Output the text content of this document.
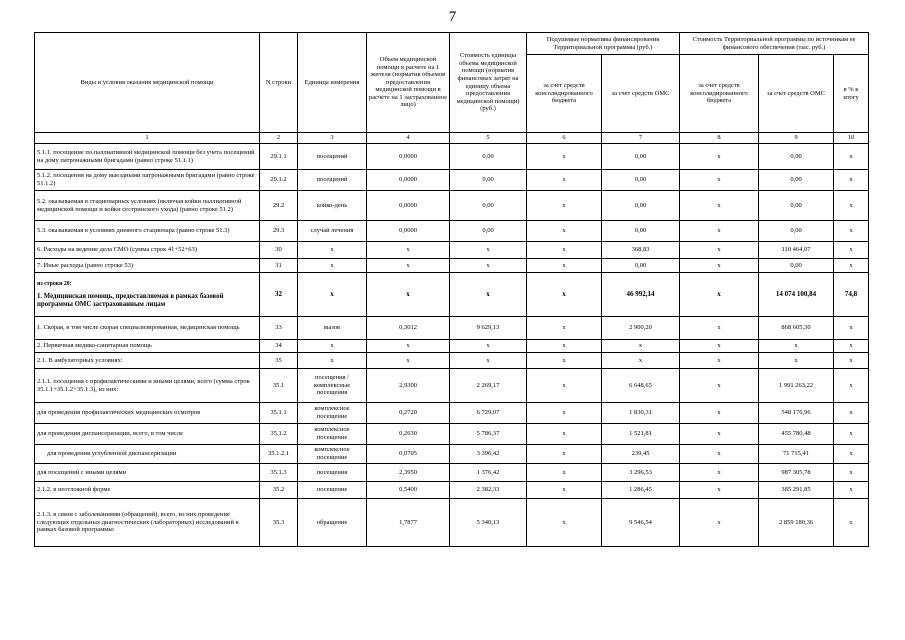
7
Виды и условия оказания медицинской помощи	N строки	Единица измерения	Объем медицинской помощи в расчете на 1 жителя (норматив объемов предоставления медицинской помощи в расчете на 1 застрахованное лицо)	Стоимость единицы объема медицинской помощи (норматив финансовых затрат на единицу объема предоставления медицинской помощи) (руб.)	Подушевые нормативы финансирования Территориальной программы (руб.)		Стоимость Территориальной программы по источникам ее финансового обеспечения (тыс. руб.)		
					за счет средств консолидированного бюджета	за счет средств ОМС	за счет средств консолидированного бюджета	за счет средств ОМС	в % к итогу
1	2	3	4	5	6	7	8	9	10
5.1.1. посещение по паллиативной медицинской помощи без учета посещений на дому патронажными бригадами (равно строке 51.1.1)	29.1.1	посещений	0,0000	0,00	x	0,00	x	0,00	x
5.1.2. посещения на дому выездными патронажными бригадами (равно строке 51.1.2)	29.1.2	посещений	0,0000	0,00	x	0,00	x	0,00	x
5.2. оказываемая в стационарных условиях (включая койки паллиативной медицинской помощи и койки сестринского ухода) (равно строке 51.2)	29.2	койко-день	0,0000	0,00	x	0,00	x	0,00	x
5.3. оказываемая в условиях дневного стационара (равно строке 51.3)	29.3	случай лечения	0,0000	0,00	x	0,00	x	0,00	x
6. Расходы на ведение дела СМО (сумма строк 41+52+63)	30	x	x	x	x	368,83	x	110 464,07	x
7. Иные расходы (равно строке 53)	31	x	x	x	x	0,00	x	0,00	x

из строки 20:
1. Медицинская помощь, предоставляемая в рамках базовой программы ОМС застрахованным лицам	32	x	x	x	x	46 992,14	x	14 074 100,84	74,8
1. Скорая, в том числе скорая специализированная, медицинская помощь	33	вызов	0,3012	9 629,13	x	2 900,20	x	868 605,30	x
2. Первичная медико-санитарная помощь	34	x	x	x	x	x	x	x	x
2.1. В амбулаторных условиях:	35	x	x	x	x	x	x	x	x
2.1.1. посещения с профилактическими и иными целями, всего (сумма строк 35.1.1+35.1.2+35.1.3), из них:	35.1	посещения / комплексные посещения	2,9300	2 269,17	x	6 648,65	x	1 991 263,22	x
для проведения профилактических медицинских осмотров	35.1.1	комплексное посещение	0,2720	6 729,07	x	1 830,31	x	548 176,96	x
для проведения диспансеризации, всего, в том числе	35.1.2	комплексное посещение	0,2630	5 786,37	x	1 521,81	x	455 780,48	x
для проведения углубленной диспансеризации	35.1.2.1	комплексное посещение	0,0705	3 396,42	x	239,45	x	71 715,41	x
для посещений с иными целями	35.1.3	посещения	2,3950	1 376,42	x	3 296,53	x	987 305,78	x
2.1.2. в неотложной форме	35.2	посещение	0,5400	2 382,33	x	1 286,45	x	385 291,85	x
2.1.3. в связи с заболеваниями (обращений), всего, из них проведение следующих отдельных диагностических (лабораторных) исследований в рамках базовой программы:	35.3	обращение	1,7877	5 340,13	x	9 546,54	x	2 859 180,36	x
